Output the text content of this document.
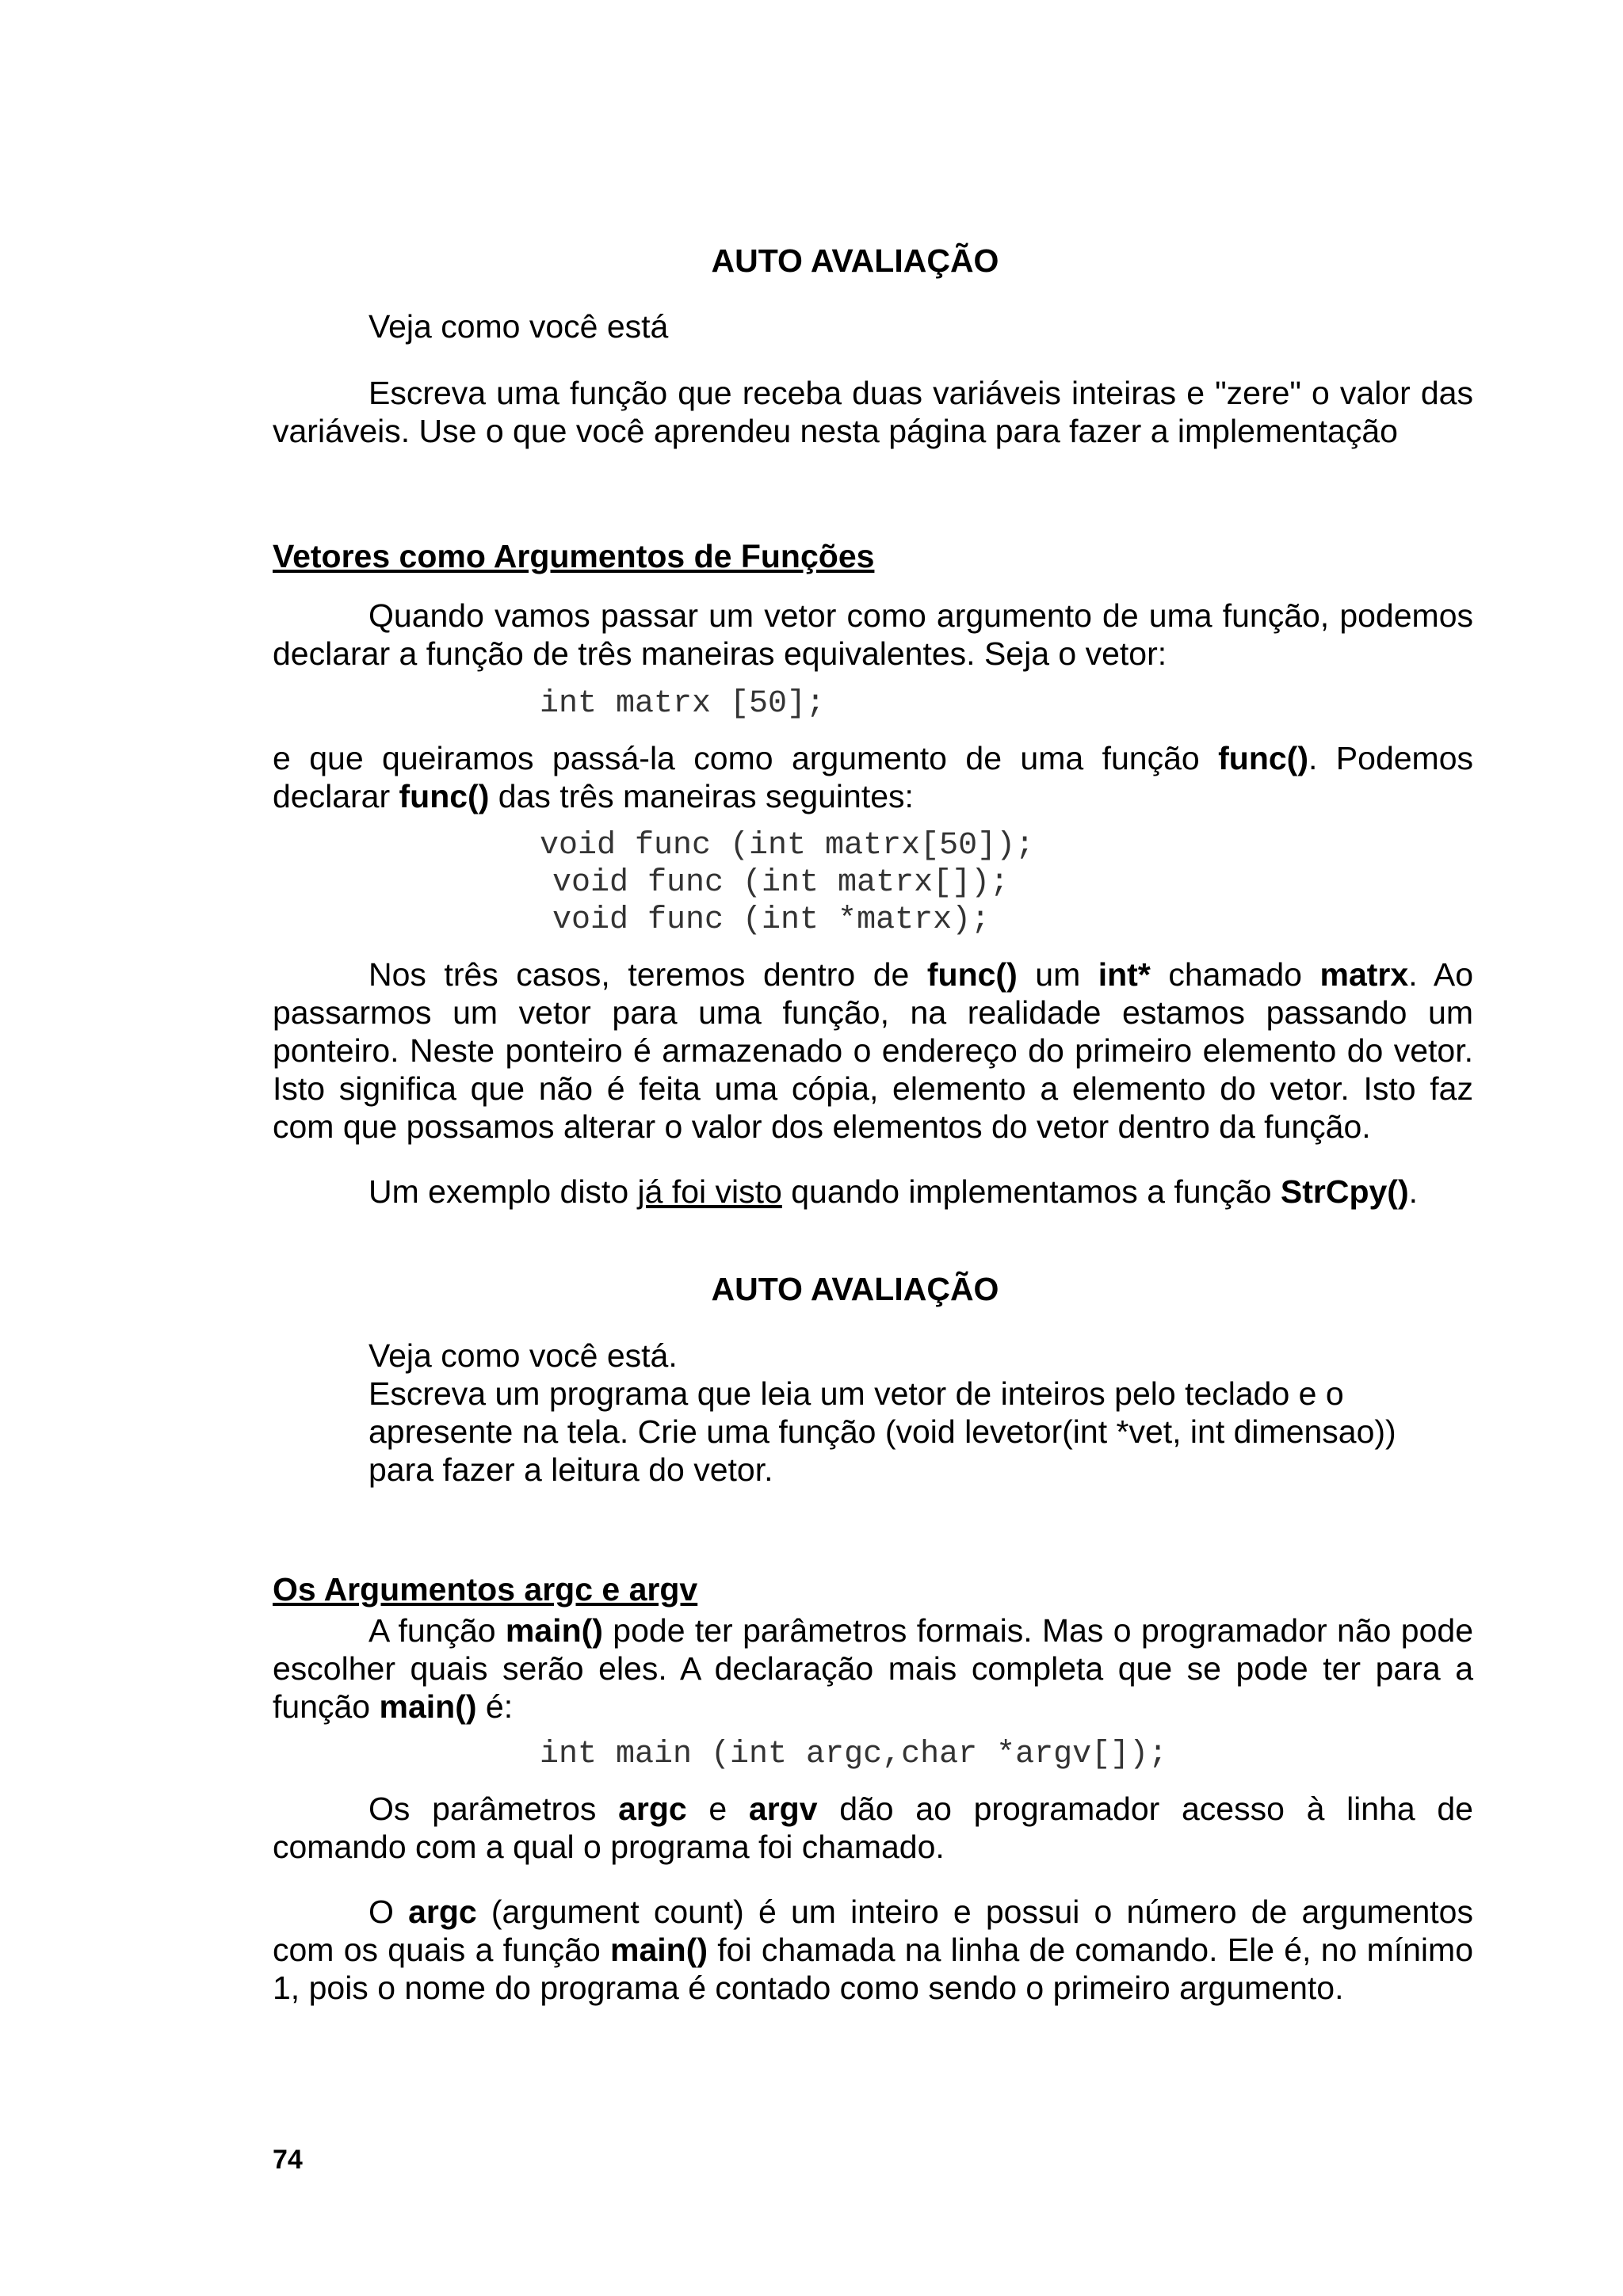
AUTO AVALIAÇÃO
Veja como você está

Escreva uma função que receba duas variáveis inteiras e "zere" o valor das variáveis. Use o que você aprendeu nesta página para fazer a implementação

Vetores como Argumentos de Funções

Quando vamos passar um vetor como argumento de uma função, podemos declarar a função de três maneiras equivalentes. Seja o vetor:

int matrx [50];

e que queiramos passá-la como argumento de uma função func(). Podemos declarar func() das três maneiras seguintes:

void func (int matrx[50]);
void func (int matrx[]);
void func (int *matrx);

Nos três casos, teremos dentro de func() um int* chamado matrx. Ao passarmos um vetor para uma função, na realidade estamos passando um ponteiro. Neste ponteiro é armazenado o endereço do primeiro elemento do vetor. Isto significa que não é feita uma cópia, elemento a elemento do vetor. Isto faz com que possamos alterar o valor dos elementos do vetor dentro da função.

Um exemplo disto já foi visto quando implementamos a função StrCpy().

AUTO AVALIAÇÃO
Veja como você está.
Escreva um programa que leia um vetor de inteiros pelo teclado e o
apresente na tela. Crie uma função (void levetor(int *vet, int dimensao))
para fazer a leitura do vetor.
Os Argumentos argc e argv

A função main() pode ter parâmetros formais. Mas o programador não pode escolher quais serão eles. A declaração mais completa que se pode ter para a função main() é:

int main (int argc,char *argv[]);

Os parâmetros argc e argv dão ao programador acesso à linha de comando com a qual o programa foi chamado.

O argc (argument count) é um inteiro e possui o número de argumentos com os quais a função main() foi chamada na linha de comando. Ele é, no mínimo 1, pois o nome do programa é contado como sendo o primeiro argumento.

74
